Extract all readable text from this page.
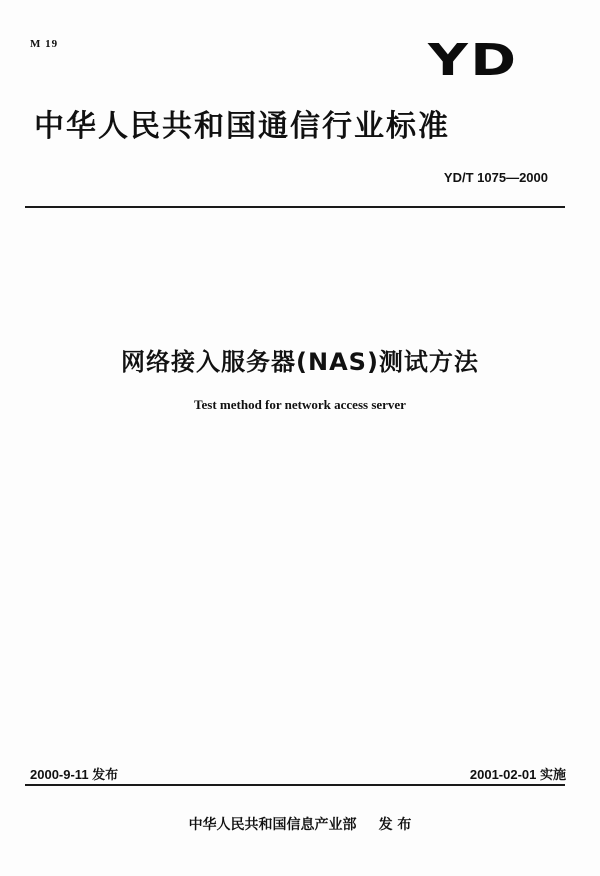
M 19	YD
中华人民共和国通信行业标准
YD/T 1075—2000
网络接入服务器(NAS)测试方法
Test method for network access server
2000-9-11 发布	2001-02-01 实施
中华人民共和国信息产业部 发 布
